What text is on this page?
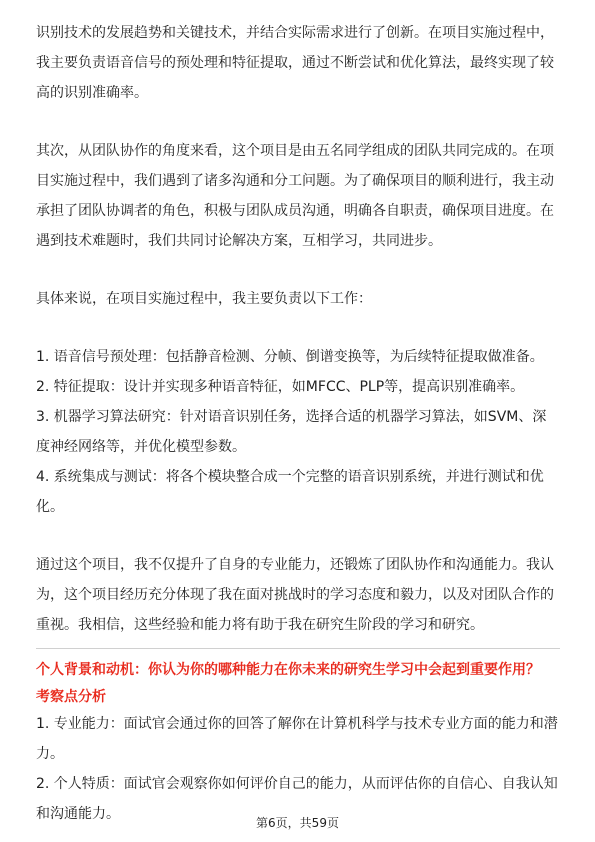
识别技术的发展趋势和关键技术，并结合实际需求进行了创新。在项目实施过程中，我主要负责语音信号的预处理和特征提取，通过不断尝试和优化算法，最终实现了较高的识别准确率。

其次，从团队协作的角度来看，这个项目是由五名同学组成的团队共同完成的。在项目实施过程中，我们遇到了诸多沟通和分工问题。为了确保项目的顺利进行，我主动承担了团队协调者的角色，积极与团队成员沟通，明确各自职责，确保项目进度。在遇到技术难题时，我们共同讨论解决方案，互相学习，共同进步。

具体来说，在项目实施过程中，我主要负责以下工作：

1. 语音信号预处理：包括静音检测、分帧、倒谱变换等，为后续特征提取做准备。

2. 特征提取：设计并实现多种语音特征，如MFCC、PLP等，提高识别准确率。

3. 机器学习算法研究：针对语音识别任务，选择合适的机器学习算法，如SVM、深度神经网络等，并优化模型参数。

4. 系统集成与测试：将各个模块整合成一个完整的语音识别系统，并进行测试和优化。

通过这个项目，我不仅提升了自身的专业能力，还锻炼了团队协作和沟通能力。我认为，这个项目经历充分体现了我在面对挑战时的学习态度和毅力，以及对团队合作的重视。我相信，这些经验和能力将有助于我在研究生阶段的学习和研究。

个人背景和动机：你认为你的哪种能力在你未来的研究生学习中会起到重要作用？

考察点分析

1. 专业能力：面试官会通过你的回答了解你在计算机科学与技术专业方面的能力和潜力。

2. 个人特质：面试官会观察你如何评价自己的能力，从而评估你的自信心、自我认知和沟通能力。

第6页，共59页
